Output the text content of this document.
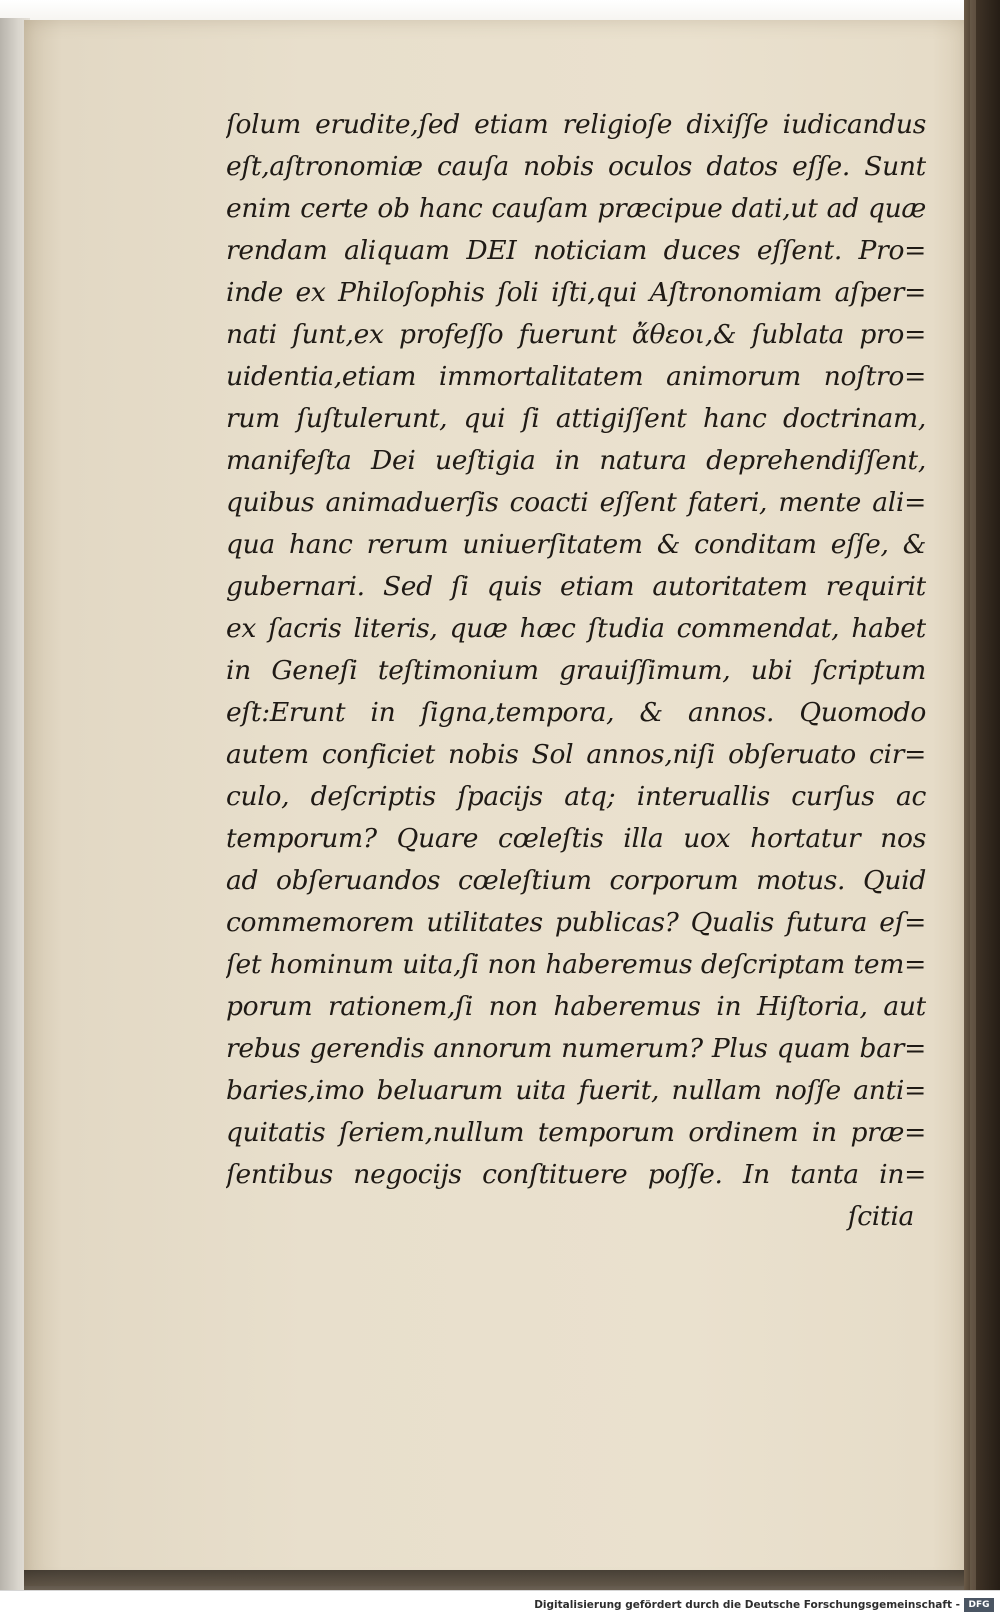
ſolum erudite,ſed etiam religioſe dixiſſe iudicandus
eſt,aſtronomiæ cauſa nobis oculos datos eſſe. Sunt
enim certe ob hanc cauſam præcipue dati,ut ad quæ
rendam aliquam DEI noticiam duces eſſent. Pro=
inde ex Philoſophis ſoli iſti,qui Aſtronomiam aſper=
nati ſunt,ex profeſſo fuerunt ἄθεοι,& ſublata pro=
uidentia,etiam immortalitatem animorum noſtro=
rum ſuſtulerunt, qui ſi attigiſſent hanc doctrinam,
manifeſta Dei ueſtigia in natura deprehendiſſent,
quibus animaduerſis coacti eſſent fateri, mente ali=
qua hanc rerum uniuerſitatem & conditam eſſe, &
gubernari. Sed ſi quis etiam autoritatem requirit
ex ſacris literis, quæ hæc ſtudia commendat, habet
in Geneſi teſtimonium grauiſſimum, ubi ſcriptum
eſt:Erunt in ſigna,tempora, & annos. Quomodo
autem conficiet nobis Sol annos,niſi obſeruato cir=
culo, deſcriptis ſpacijs atq; interuallis curſus ac
temporum? Quare cœleſtis illa uox hortatur nos
ad obſeruandos cœleſtium corporum motus. Quid
commemorem utilitates publicas? Qualis futura eſ=
ſet hominum uita,ſi non haberemus deſcriptam tem=
porum rationem,ſi non haberemus in Hiſtoria, aut
rebus gerendis annorum numerum? Plus quam bar=
baries,imo beluarum uita fuerit, nullam noſſe anti=
quitatis ſeriem,nullum temporum ordinem in præ=
ſentibus negocijs conſtituere poſſe. In tanta in=
ſcitia
Digitalisierung gefördert durch die Deutsche Forschungsgemeinschaft - DFG
